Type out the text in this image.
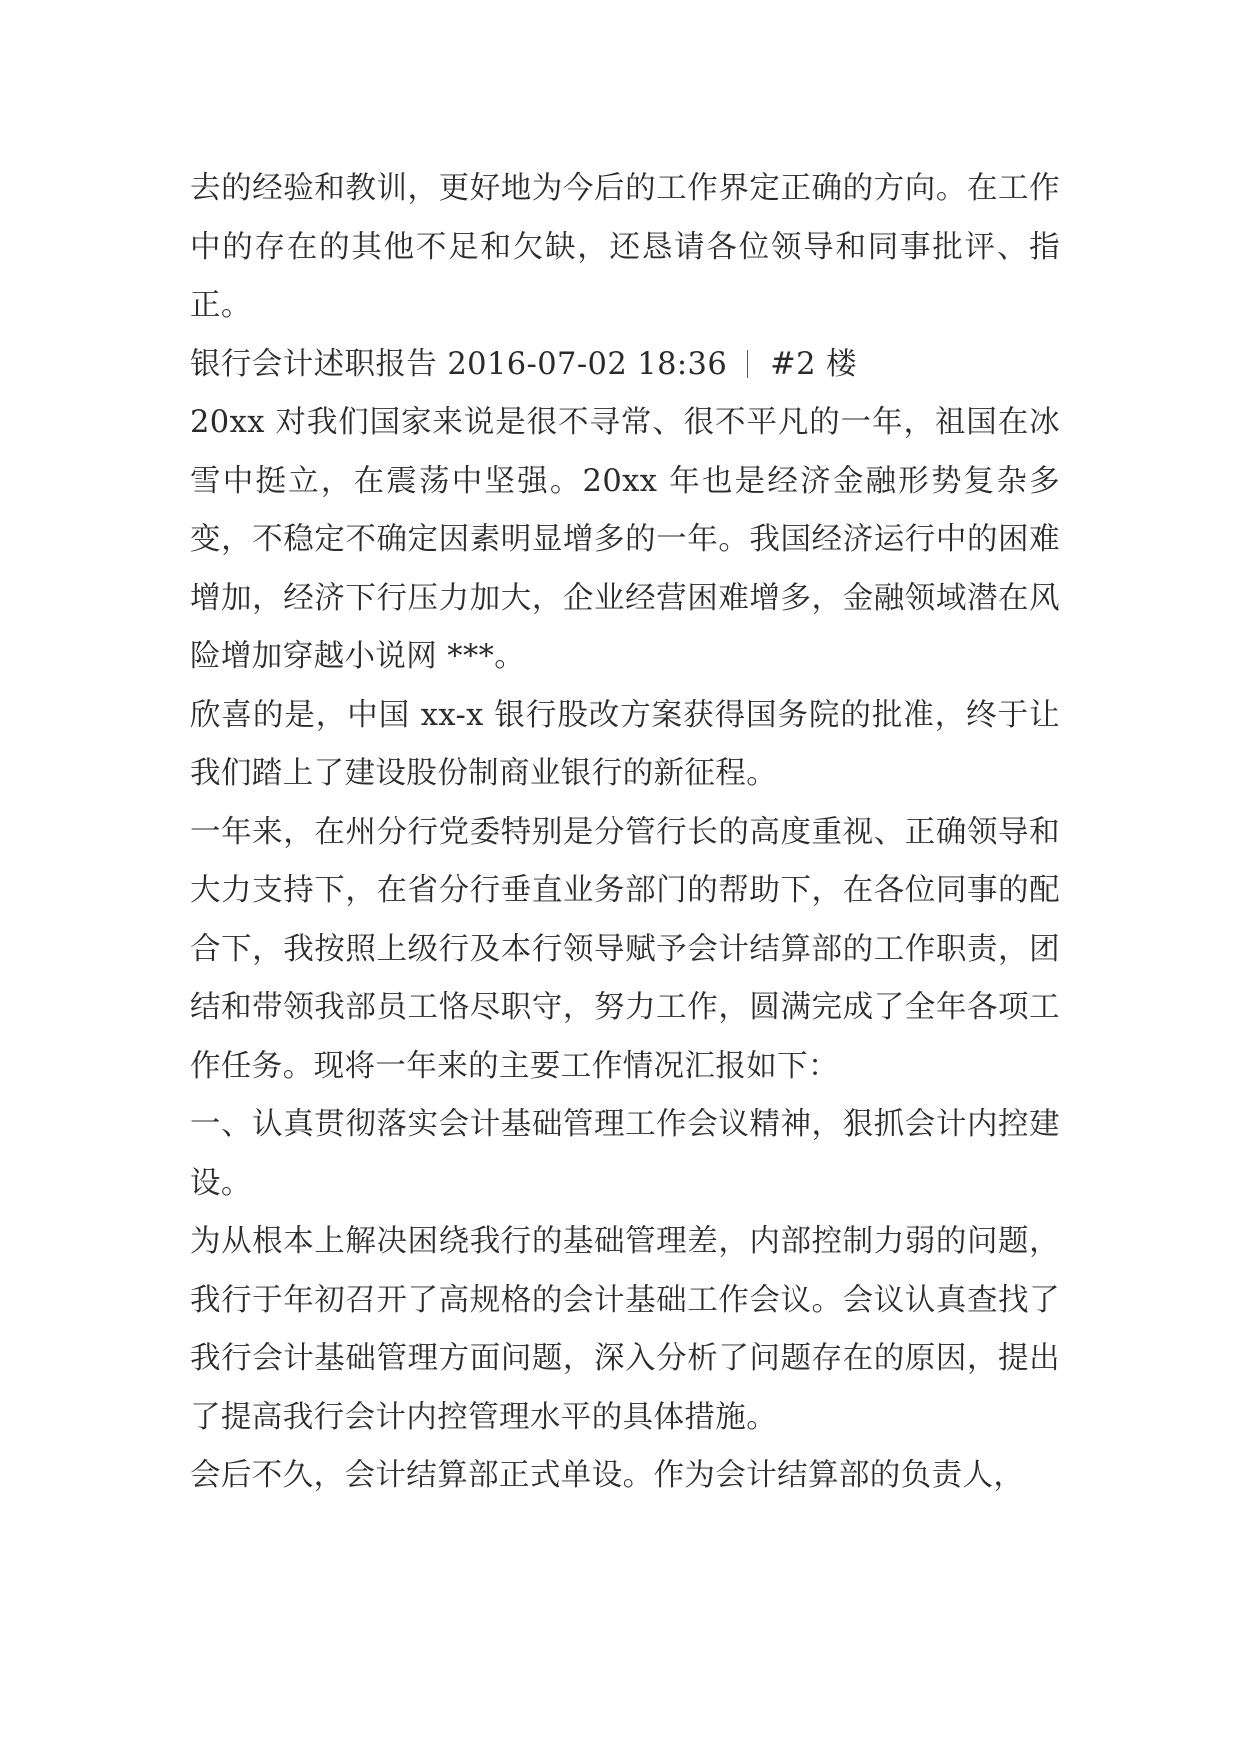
去的经验和教训，更好地为今后的工作界定正确的方向。在工作中的存在的其他不足和欠缺，还恳请各位领导和同事批评、指正。

银行会计述职报告 2016-07-02 18:36 #2 楼

20xx 对我们国家来说是很不寻常、很不平凡的一年，祖国在冰雪中挺立，在震荡中坚强。20xx 年也是经济金融形势复杂多变，不稳定不确定因素明显增多的一年。我国经济运行中的困难增加，经济下行压力加大，企业经营困难增多，金融领域潜在风险增加穿越小说网 ***。

欣喜的是，中国 xx-x 银行股改方案获得国务院的批准，终于让我们踏上了建设股份制商业银行的新征程。

一年来，在州分行党委特别是分管行长的高度重视、正确领导和大力支持下，在省分行垂直业务部门的帮助下，在各位同事的配合下，我按照上级行及本行领导赋予会计结算部的工作职责，团结和带领我部员工恪尽职守，努力工作，圆满完成了全年各项工作任务。现将一年来的主要工作情况汇报如下：

一、认真贯彻落实会计基础管理工作会议精神，狠抓会计内控建设。

为从根本上解决困绕我行的基础管理差，内部控制力弱的问题，我行于年初召开了高规格的会计基础工作会议。会议认真查找了我行会计基础管理方面问题，深入分析了问题存在的原因，提出了提高我行会计内控管理水平的具体措施。

会后不久，会计结算部正式单设。作为会计结算部的负责人，
